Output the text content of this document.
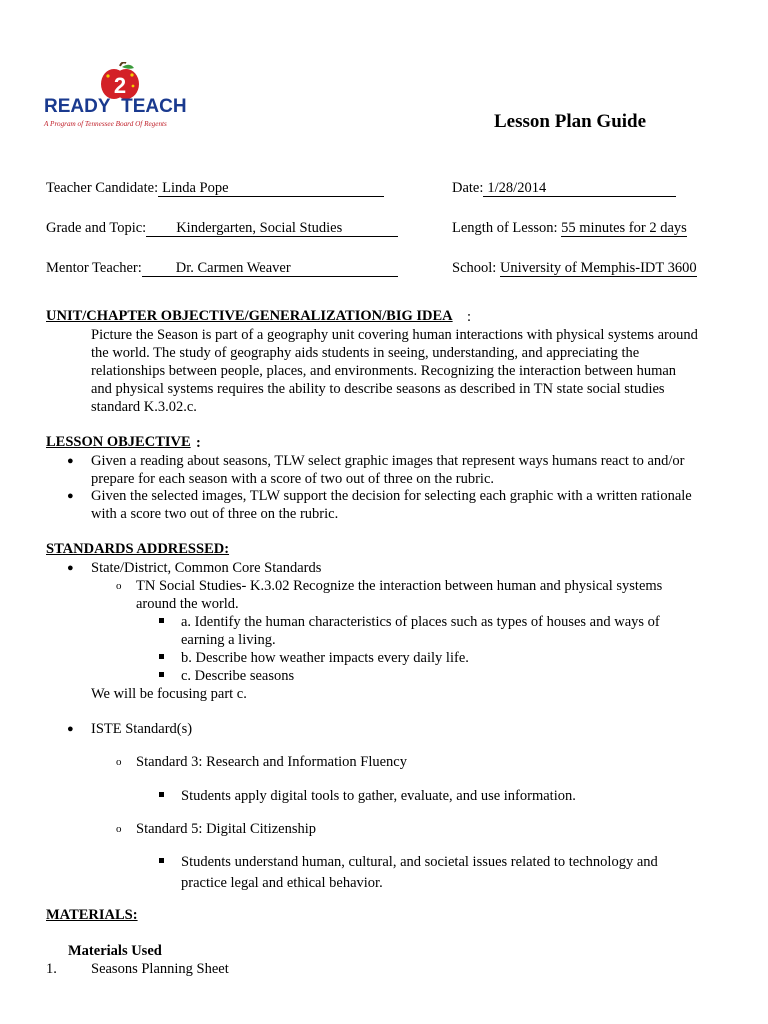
2
READY TEACH
A Program of Tennessee Board Of Regents	Lesson Plan Guide
Teacher Candidate: Linda Pope	Date: 1/28/2014
Grade and Topic: Kindergarten, Social Studies	Length of Lesson: 55 minutes for 2 days
Mentor Teacher: Dr. Carmen Weaver	School: University of Memphis-IDT 3600
UNIT/CHAPTER OBJECTIVE/GENERALIZATION/BIG IDEA :
Picture the Season is part of a geography unit covering human interactions with physical systems around
the world. The study of geography aids students in seeing, understanding, and appreciating the
relationships between people, places, and environments. Recognizing the interaction between human
and physical systems requires the ability to describe seasons as described in TN state social studies
standard K.3.02.c.
LESSON OBJECTIVE :
● Given a reading about seasons, TLW select graphic images that represent ways humans react to and/or
prepare for each season with a score of two out of three on the rubric.
● Given the selected images, TLW support the decision for selecting each graphic with a written rationale
with a score two out of three on the rubric.
STANDARDS ADDRESSED:
● State/District, Common Core Standards
o TN Social Studies- K.3.02 Recognize the interaction between human and physical systems
around the world.
a. Identify the human characteristics of places such as types of houses and ways of
earning a living.
b. Describe how weather impacts every daily life.
c. Describe seasons
We will be focusing part c.
● ISTE Standard(s)
o Standard 3: Research and Information Fluency
Students apply digital tools to gather, evaluate, and use information.
o Standard 5: Digital Citizenship
Students understand human, cultural, and societal issues related to technology and
practice legal and ethical behavior.
MATERIALS:
Materials Used
1. Seasons Planning Sheet
